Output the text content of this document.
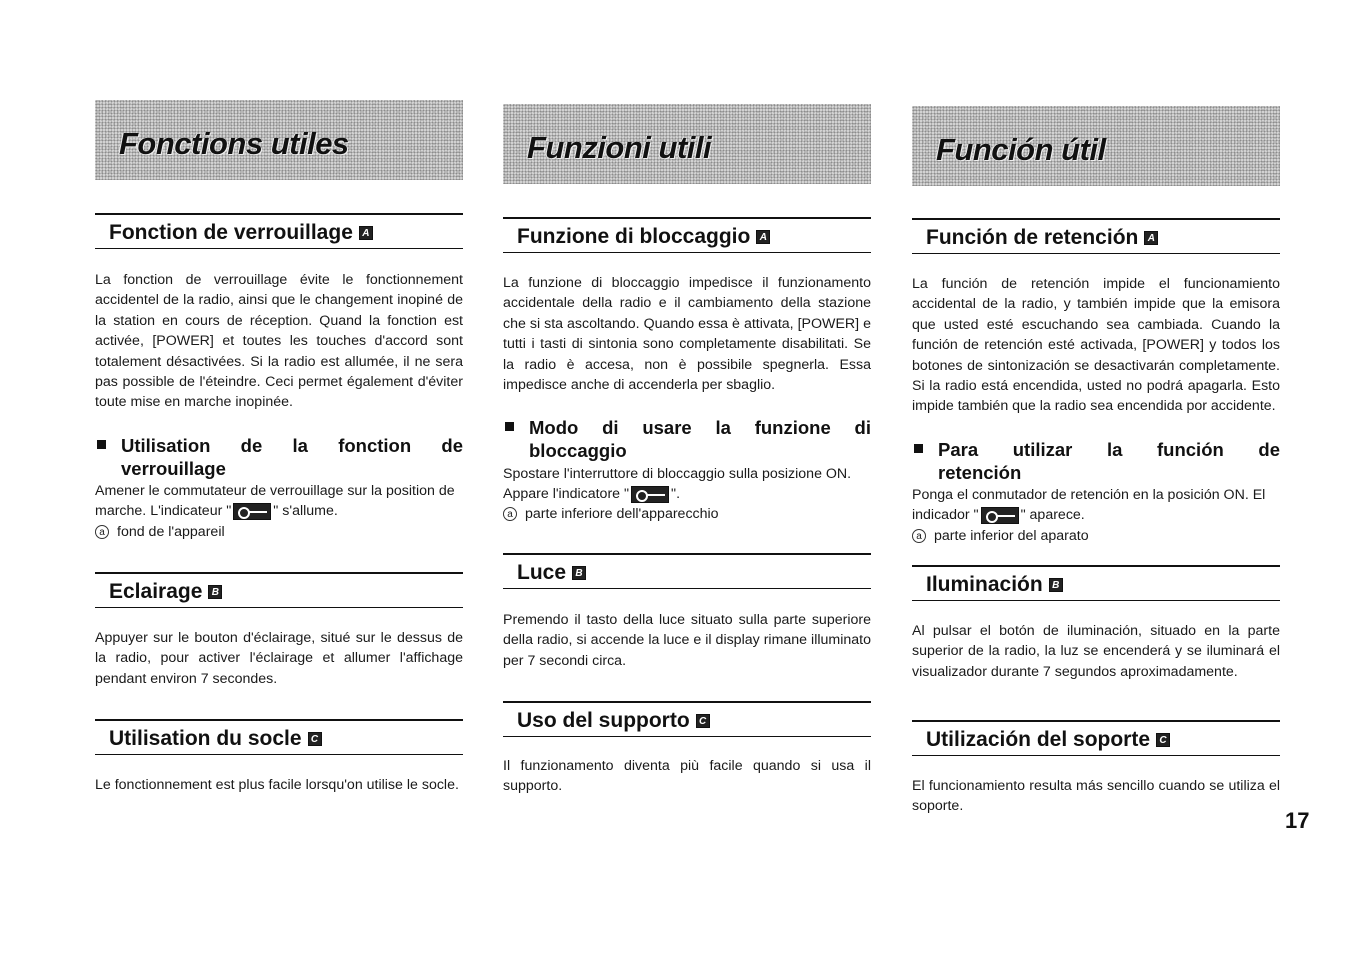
Fonctions utiles
Fonction de verrouillage A
La fonction de verrouillage évite le fonctionnement accidentel de la radio, ainsi que le changement inopiné de la station en cours de réception. Quand la fonction est activée, [POWER] et toutes les touches d'accord sont totalement désactivées. Si la radio est allumée, il ne sera pas possible de l'éteindre. Ceci permet également d'éviter toute mise en marche inopinée.
Utilisation de la fonction de
verrouillage
Amener le commutateur de verrouillage sur la position de marche. L'indicateur "	" s'allume.
a fond de l'appareil
Eclairage B
Appuyer sur le bouton d'éclairage, situé sur le dessus de la radio, pour activer l'éclairage et allumer l'affichage pendant environ 7 secondes.
Utilisation du socle C
Le fonctionnement est plus facile lorsqu'on utilise le socle.
Funzioni utili
Funzione di bloccaggio A
La funzione di bloccaggio impedisce il funzionamento accidentale della radio e il cambiamento della stazione che si sta ascoltando. Quando essa è attivata, [POWER] e tutti i tasti di sintonia sono completamente disabilitati. Se la radio è accesa, non è possibile spegnerla. Essa impedisce anche di accenderla per sbaglio.
Modo di usare la funzione di
bloccaggio
Spostare l'interruttore di bloccaggio sulla posizione ON. Appare l'indicatore "	".
a parte inferiore dell'apparecchio
Luce B
Premendo il tasto della luce situato sulla parte superiore della radio, si accende la luce e il display rimane illuminato per 7 secondi circa.
Uso del supporto C
Il funzionamento diventa più facile quando si usa il supporto.
Función útil
Función de retención A
La función de retención impide el funcionamiento accidental de la radio, y también impide que la emisora que usted esté escuchando sea cambiada. Cuando la función de retención esté activada, [POWER] y todos los botones de sintonización se desactivarán completamente. Si la radio está encendida, usted no podrá apagarla. Esto impide también que la radio sea encendida por accidente.
Para utilizar la función de
retención
Ponga el conmutador de retención en la posición ON. El indicador "	" aparece.
a parte inferior del aparato
Iluminación B
Al pulsar el botón de iluminación, situado en la parte superior de la radio, la luz se encenderá y se iluminará el visualizador durante 7 segundos aproximadamente.
Utilización del soporte C
El funcionamiento resulta más sencillo cuando se utiliza el soporte.
17
